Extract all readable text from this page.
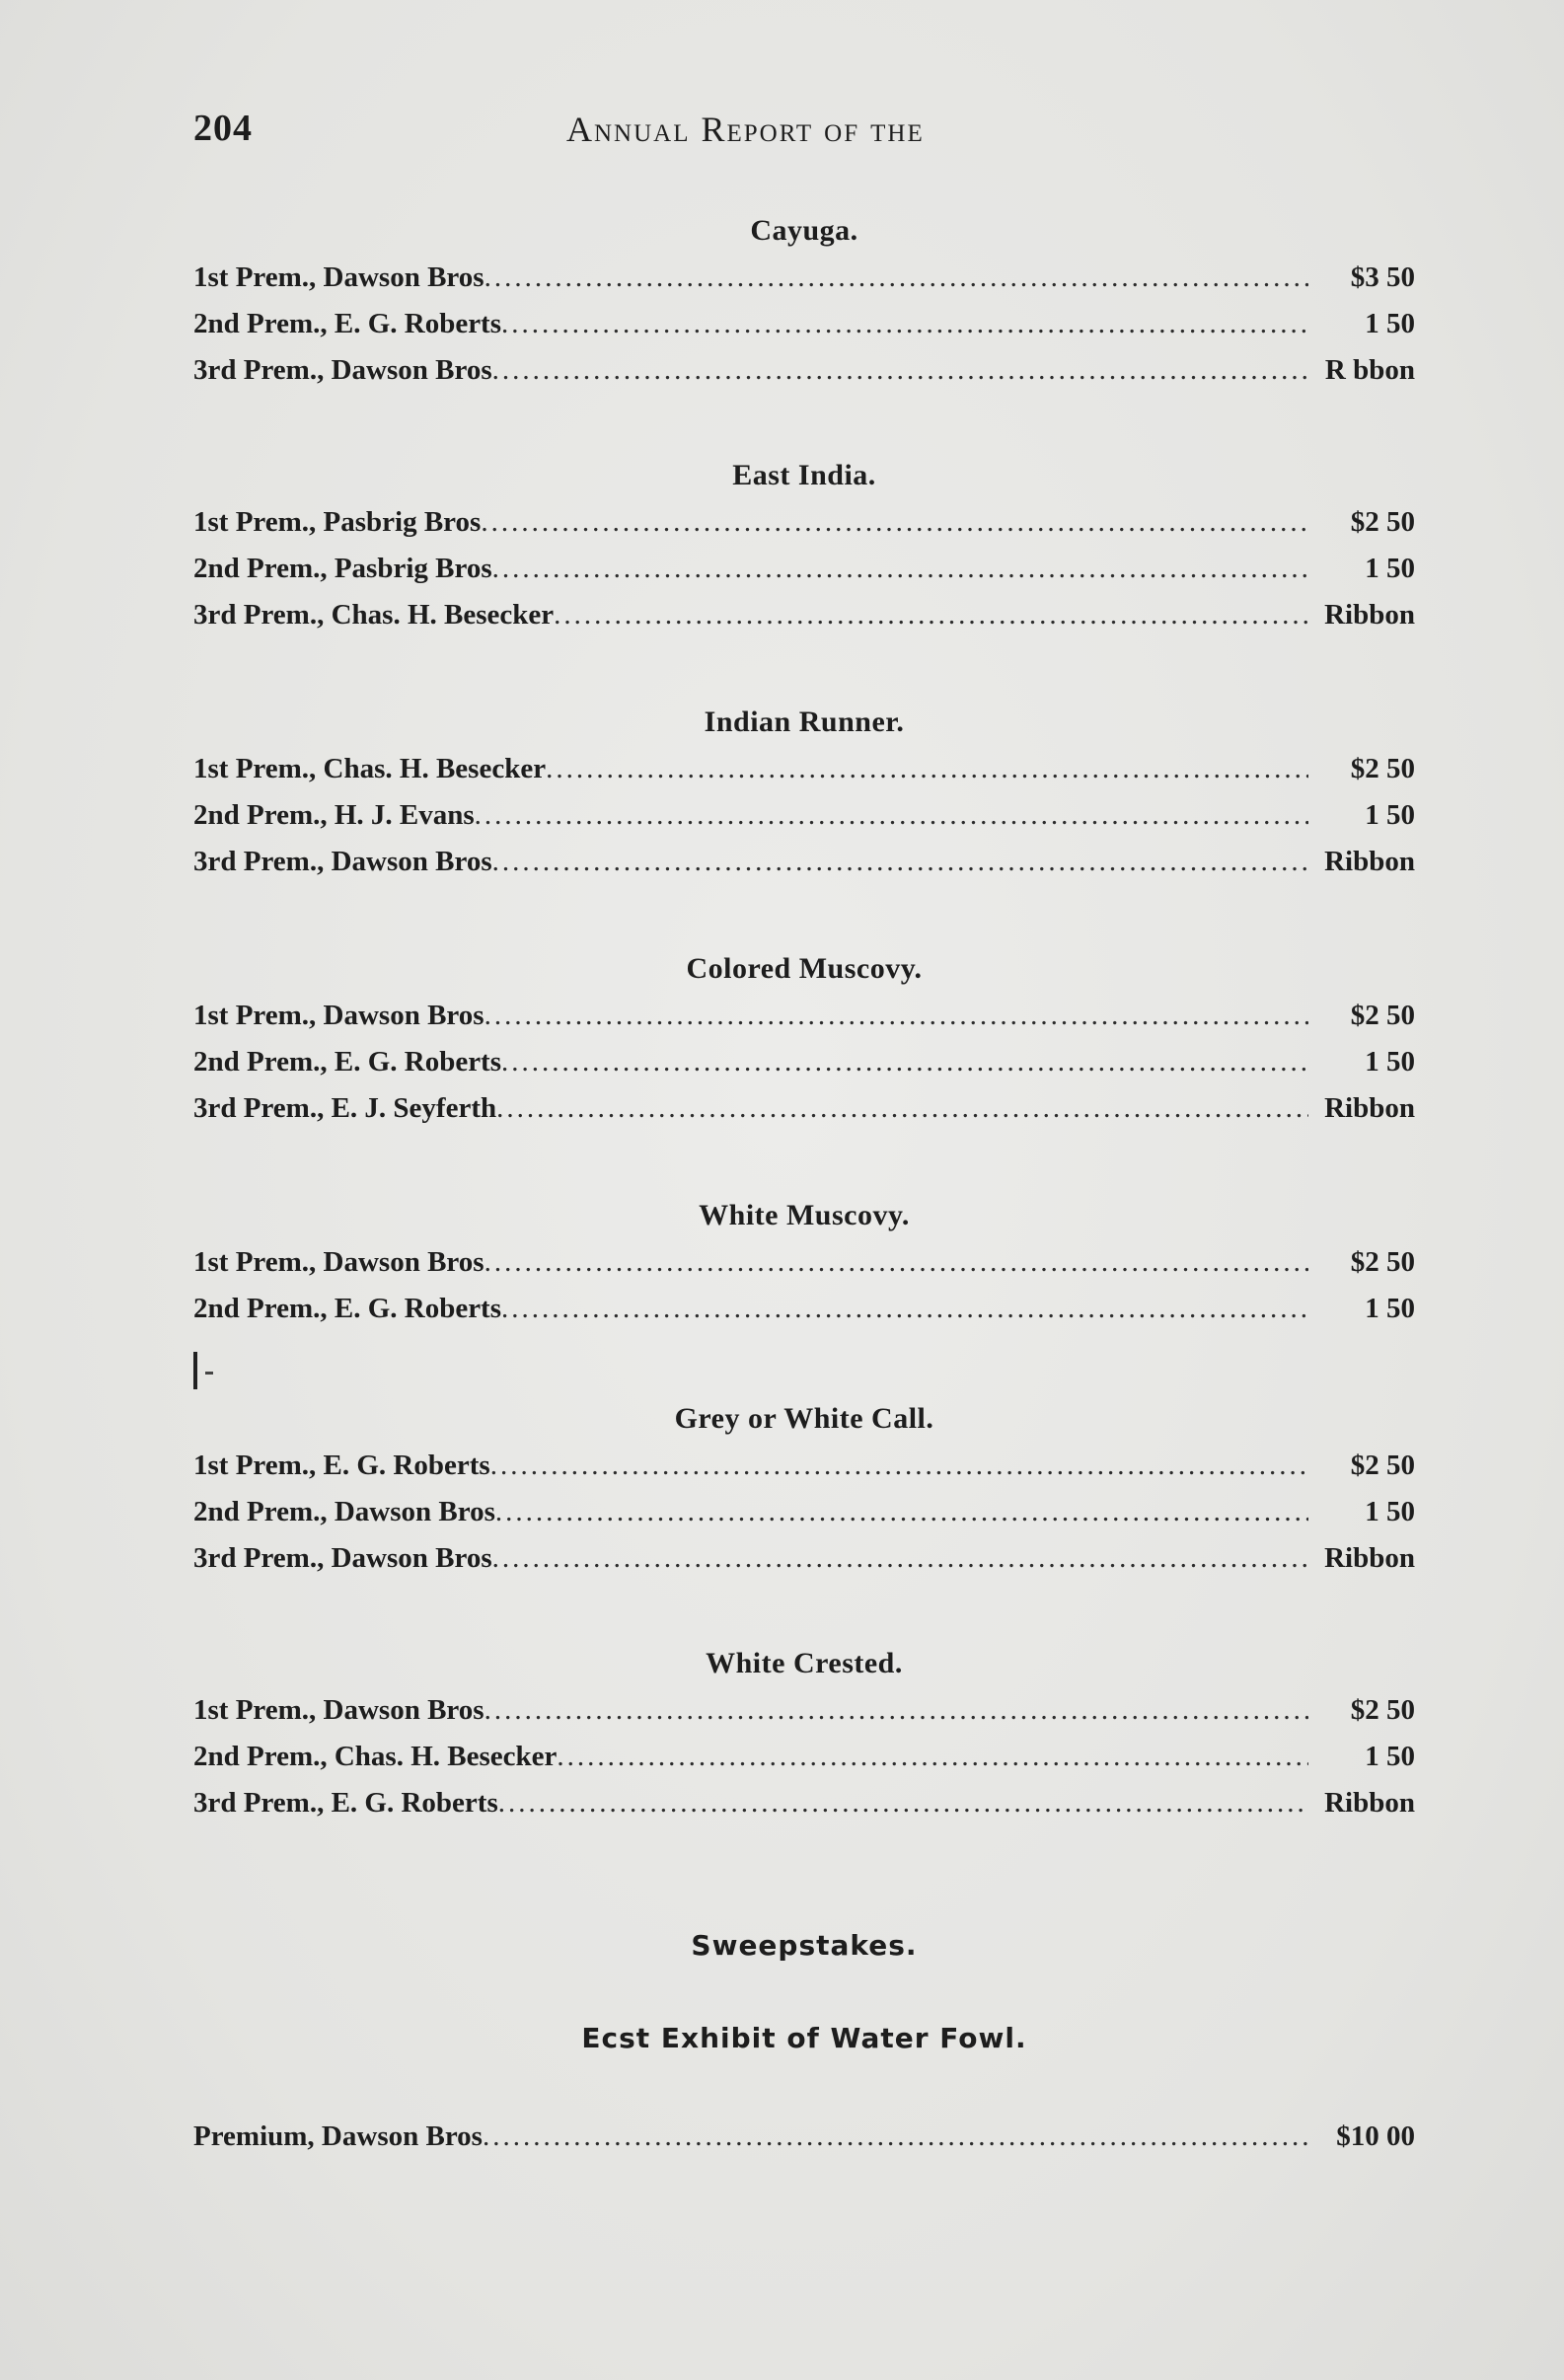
204	Annual Report of the
Cayuga.
1st Prem., Dawson Bros .....	$3 50
2nd Prem., E. G. Roberts .....	1 50
3rd Prem., Dawson Bros .....	R bbon
East India.
1st Prem., Pasbrig Bros .....	$2 50
2nd Prem., Pasbrig Bros .....	1 50
3rd Prem., Chas. H. Besecker .....	Ribbon
Indian Runner.
1st Prem., Chas. H. Besecker .....	$2 50
2nd Prem., H. J. Evans .....	1 50
3rd Prem., Dawson Bros .....	Ribbon
Colored Muscovy.
1st Prem., Dawson Bros .....	$2 50
2nd Prem., E. G. Roberts .....	1 50
3rd Prem., E. J. Seyferth .....	Ribbon
White Muscovy.
1st Prem., Dawson Bros .....	$2 50
2nd Prem., E. G. Roberts .....	1 50
Grey or White Call.
1st Prem., E. G. Roberts .....	$2 50
2nd Prem., Dawson Bros .....	1 50
3rd Prem., Dawson Bros .....	Ribbon
White Crested.
1st Prem., Dawson Bros .....	$2 50
2nd Prem., Chas. H. Besecker .....	1 50
3rd Prem., E. G. Roberts .....	Ribbon
Sweepstakes.
Ecst Exhibit of Water Fowl.
Premium, Dawson Bros .....	$10 00
